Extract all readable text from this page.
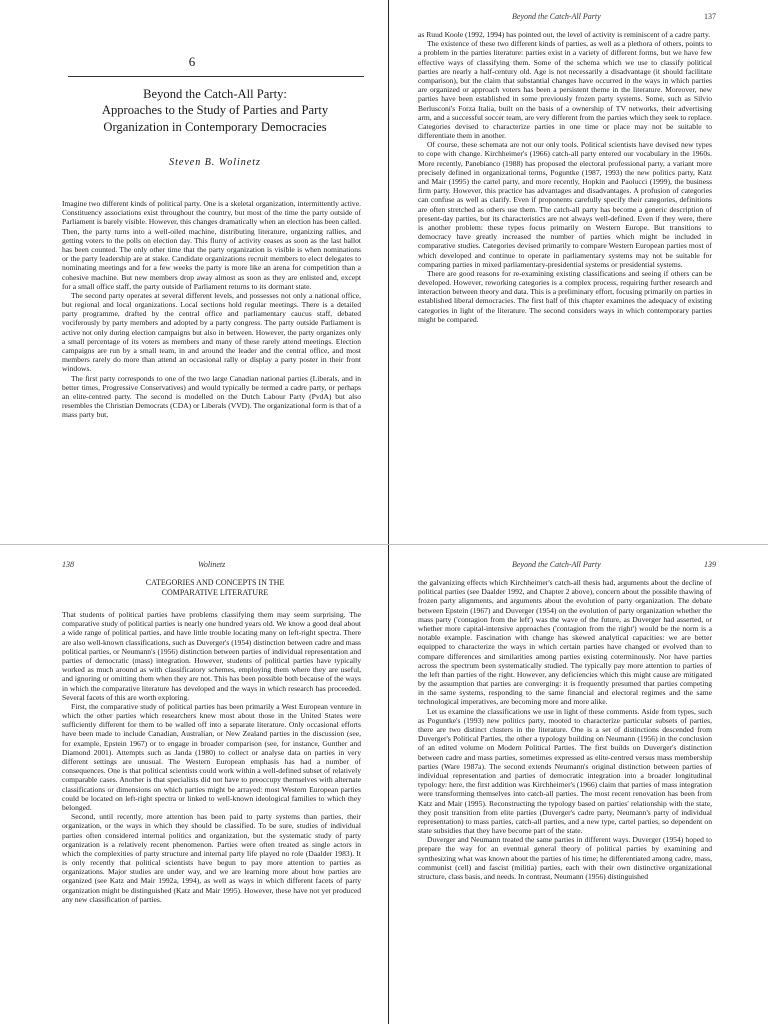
6
Beyond the Catch-All Party:
Approaches to the Study of Parties and Party
Organization in Contemporary Democracies
Steven B. Wolinetz

Imagine two different kinds of political party. One is a skeletal organization, intermittently active. Constituency associations exist throughout the country, but most of the time the party outside of Parliament is barely visible. However, this changes dramatically when an election has been called. Then, the party turns into a well-oiled machine, distributing literature, organizing rallies, and getting voters to the polls on election day. This flurry of activity ceases as soon as the last ballot has been counted. The only other time that the party organization is visible is when nominations or the party leadership are at stake. Candidate organizations recruit members to elect delegates to nominating meetings and for a few weeks the party is more like an arena for competition than a cohesive machine. But new members drop away almost as soon as they are enlisted and, except for a small office staff, the party outside of Parliament returns to its dormant state.

The second party operates at several different levels, and possesses not only a national office, but regional and local organizations. Local sections hold regular meetings. There is a detailed party programme, drafted by the central office and parliamentary caucus staff, debated vociferously by party members and adopted by a party congress. The party outside Parliament is active not only during election campaigns but also in between. However, the party organizes only a small percentage of its voters as members and many of these rarely attend meetings. Election campaigns are run by a small team, in and around the leader and the central office, and most members rarely do more than attend an occasional rally or display a party poster in their front windows.

The first party corresponds to one of the two large Canadian national parties (Liberals, and in better times, Progressive Conservatives) and would typically be termed a cadre party, or perhaps an elite-centred party. The second is modelled on the Dutch Labour Party (PvdA) but also resembles the Christian Democrats (CDA) or Liberals (VVD). The organizational form is that of a mass party but,

Beyond the Catch-All Party	137

as Ruud Koole (1992, 1994) has pointed out, the level of activity is reminiscent of a cadre party.

The existence of these two different kinds of parties, as well as a plethora of others, points to a problem in the parties literature: parties exist in a variety of different forms, but we have few effective ways of classifying them. Some of the schema which we use to classify political parties are nearly a half-century old. Age is not necessarily a disadvantage (it should facilitate comparison), but the claim that substantial changes have occurred in the ways in which parties are organized or approach voters has been a persistent theme in the literature. Moreover, new parties have been established in some previously frozen party systems. Some, such as Silvio Berlusconi's Forza Italia, built on the basis of a ownership of TV networks, their advertising arm, and a successful soccer team, are very different from the parties which they seek to replace. Categories devised to characterize parties in one time or place may not be suitable to differentiate them in another.

Of course, these schemata are not our only tools. Political scientists have devised new types to cope with change. Kirchheimer's (1966) catch-all party entered our vocabulary in the 1960s. More recently, Panebianco (1988) has proposed the electoral professional party, a variant more precisely defined in organizational terms, Poguntke (1987, 1993) the new politics party, Katz and Mair (1995) the cartel party, and more recently, Hopkin and Paolucci (1999), the business firm party. However, this practice has advantages and disadvantages. A profusion of categories can confuse as well as clarify. Even if proponents carefully specify their categories, definitions are often stretched as others use them. The catch-all party has become a generic description of present-day parties, but its characteristics are not always well-defined. Even if they were, there is another problem: these types focus primarily on Western Europe. But transitions to democracy have greatly increased the number of parties which might be included in comparative studies. Categories devised primarily to compare Western European parties most of which developed and continue to operate in parliamentary systems may not be suitable for comparing parties in mixed parliamentary-presidential systems or presidential systems.

There are good reasons for re-examining existing classifications and seeing if others can be developed. However, reworking categories is a complex process, requiring further research and interaction between theory and data. This is a preliminary effort, focusing primarily on parties in established liberal democracies. The first half of this chapter examines the adequacy of existing categories in light of the literature. The second considers ways in which contemporary parties might be compared.

138	Wolinetz
CATEGORIES AND CONCEPTS IN THE
COMPARATIVE LITERATURE

That students of political parties have problems classifying them may seem surprising. The comparative study of political parties is nearly one hundred years old. We know a good deal about a wide range of political parties, and have little trouble locating many on left-right spectra. There are also well-known classifications, such as Duverger's (1954) distinction between cadre and mass political parties, or Neumann's (1956) distinction between parties of individual representation and parties of democratic (mass) integration. However, students of political parties have typically worked as much around as with classificatory schemes, employing them where they are useful, and ignoring or omitting them when they are not. This has been possible both because of the ways in which the comparative literature has developed and the ways in which research has proceeded. Several facets of this are worth exploring.

First, the comparative study of political parties has been primarily a West European venture in which the other parties which researchers knew most about those in the United States were sufficiently different for them to be walled off into a separate literature. Only occasional efforts have been made to include Canadian, Australian, or New Zealand parties in the discussion (see, for example, Epstein 1967) or to engage in broader comparison (see, for instance, Gunther and Diamond 2001). Attempts such as Janda (1980) to collect or analyse data on parties in very different settings are unusual. The Western European emphasis has had a number of consequences. One is that political scientists could work within a well-defined subset of relatively comparable cases. Another is that specialists did not have to preoccupy themselves with alternate classifications or dimensions on which parties might be arrayed: most Western European parties could be located on left-right spectra or linked to well-known ideological families to which they belonged.

Second, until recently, more attention has been paid to party systems than parties, their organization, or the ways in which they should be classified. To be sure, studies of individual parties often considered internal politics and organization, but the systematic study of party organization is a relatively recent phenomenon. Parties were often treated as single actors in which the complexities of party structure and internal party life played no role (Daalder 1983). It is only recently that political scientists have begun to pay more attention to parties as organizations. Major studies are under way, and we are learning more about how parties are organized (see Katz and Mair 1992a, 1994), as well as ways in which different facets of party organization might be distinguished (Katz and Mair 1995). However, these have not yet produced any new classification of parties.

Beyond the Catch-All Party	139

the galvanizing effects which Kirchheimer's catch-all thesis had, arguments about the decline of political parties (see Daalder 1992, and Chapter 2 above), concern about the possible thawing of frozen party alignments, and arguments about the evolution of party organization. The debate between Epstein (1967) and Duverger (1954) on the evolution of party organization whether the mass party ('contagion from the left') was the wave of the future, as Duverger had asserted, or whether more capital-intensive approaches ('contagion from the right') would be the norm is a notable example. Fascination with change has skewed analytical capacities: we are better equipped to characterize the ways in which certain parties have changed or evolved than to compare differences and similarities among parties existing coterminously. Nor have parties across the spectrum been systematically studied. The typically pay more attention to parties of the left than parties of the right. However, any deficiencies which this might cause are mitigated by the assumption that parties are converging: it is frequently presumed that parties competing in the same systems, responding to the same financial and electoral regimes and the same technological imperatives, are becoming more and more alike.

Let us examine the classifications we use in light of these comments. Aside from types, such as Poguntke's (1993) new politics party, mooted to characterize particular subsets of parties, there are two distinct clusters in the literature. One is a set of distinctions descended from Duverger's Political Parties, the other a typology building on Neumann (1956) in the conclusion of an edited volume on Modern Political Parties. The first builds on Duverger's distinction between cadre and mass parties, sometimes expressed as elite-centred versus mass membership parties (Ware 1987a). The second extends Neumann's original distinction between parties of individual representation and parties of democratic integration into a broader longitudinal typology: here, the first addition was Kirchheimer's (1966) claim that parties of mass integration were transforming themselves into catch-all parties. The most recent renovation has been from Katz and Mair (1995). Reconstructing the typology based on parties' relationship with the state, they posit transition from elite parties (Duverger's cadre party, Neumann's party of individual representation) to mass parties, catch-all parties, and a new type, cartel parties, so dependent on state subsidies that they have become part of the state.

Duverger and Neumann treated the same parties in different ways. Duverger (1954) hoped to prepare the way for an eventual general theory of political parties by examining and synthesizing what was known about the parties of his time; he differentiated among cadre, mass, communist (cell) and fascist (militia) parties, each with their own distinctive organizational structure, class basis, and needs. In contrast, Neumann (1956) distinguished
